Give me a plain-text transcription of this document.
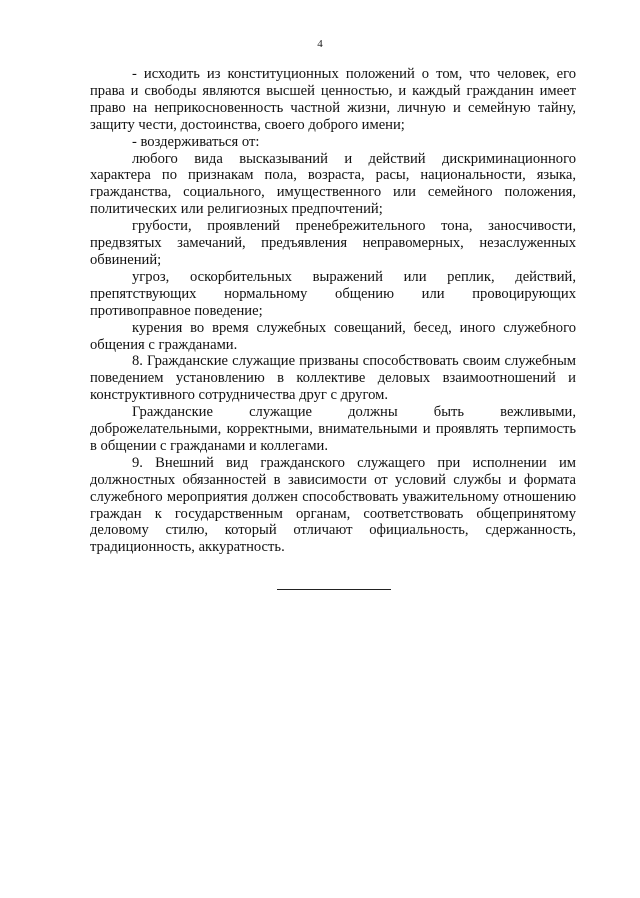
4

- исходить из конституционных положений о том, что человек, его права и свободы являются высшей ценностью, и каждый гражданин имеет право на неприкосновенность частной жизни, личную и семейную тайну, защиту чести, достоинства, своего доброго имени;

- воздерживаться от:

любого вида высказываний и действий дискриминационного характера по признакам пола, возраста, расы, национальности, языка, гражданства, социального, имущественного или семейного положения, политических или религиозных предпочтений;

грубости, проявлений пренебрежительного тона, заносчивости, предвзятых замечаний, предъявления неправомерных, незаслуженных обвинений;

угроз, оскорбительных выражений или реплик, действий, препятствующих нормальному общению или провоцирующих противоправное поведение;

курения во время служебных совещаний, бесед, иного служебного общения с гражданами.

8. Гражданские служащие призваны способствовать своим служебным поведением установлению в коллективе деловых взаимоотношений и конструктивного сотрудничества друг с другом.

Гражданские служащие должны быть вежливыми, доброжелательными, корректными, внимательными и проявлять терпимость в общении с гражданами и коллегами.

9. Внешний вид гражданского служащего при исполнении им должностных обязанностей в зависимости от условий службы и формата служебного мероприятия должен способствовать уважительному отношению граждан к государственным органам, соответствовать общепринятому деловому стилю, который отличают официальность, сдержанность, традиционность, аккуратность.
